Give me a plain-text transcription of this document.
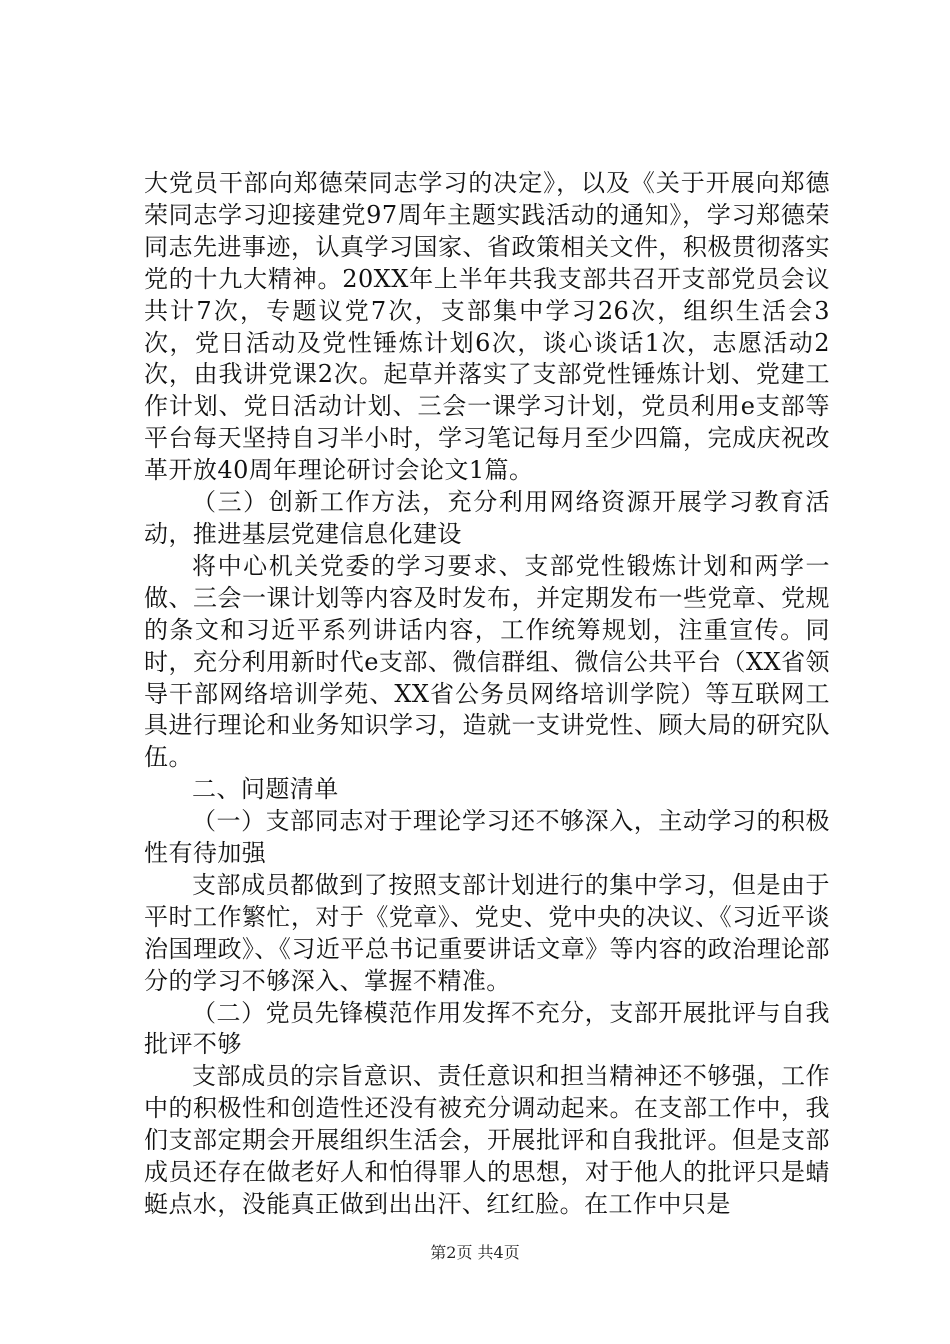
大党员干部向郑德荣同志学习的决定》，以及《关于开展向郑德荣同志学习迎接建党97周年主题实践活动的通知》，学习郑德荣同志先进事迹，认真学习国家、省政策相关文件，积极贯彻落实党的十九大精神。20XX年上半年共我支部共召开支部党员会议共计7次，专题议党7次，支部集中学习26次，组织生活会3次，党日活动及党性锤炼计划6次，谈心谈话1次，志愿活动2次，由我讲党课2次。起草并落实了支部党性锤炼计划、党建工作计划、党日活动计划、三会一课学习计划，党员利用e支部等平台每天坚持自习半小时，学习笔记每月至少四篇，完成庆祝改革开放40周年理论研讨会论文1篇。

（三）创新工作方法，充分利用网络资源开展学习教育活动，推进基层党建信息化建设

将中心机关党委的学习要求、支部党性锻炼计划和两学一做、三会一课计划等内容及时发布，并定期发布一些党章、党规的条文和习近平系列讲话内容，工作统筹规划，注重宣传。同时，充分利用新时代e支部、微信群组、微信公共平台（XX省领导干部网络培训学苑、XX省公务员网络培训学院）等互联网工具进行理论和业务知识学习，造就一支讲党性、顾大局的研究队伍。

二、问题清单

（一）支部同志对于理论学习还不够深入，主动学习的积极性有待加强

支部成员都做到了按照支部计划进行的集中学习，但是由于平时工作繁忙，对于《党章》、党史、党中央的决议、《习近平谈治国理政》、《习近平总书记重要讲话文章》等内容的政治理论部分的学习不够深入、掌握不精准。

（二）党员先锋模范作用发挥不充分，支部开展批评与自我批评不够

支部成员的宗旨意识、责任意识和担当精神还不够强，工作中的积极性和创造性还没有被充分调动起来。在支部工作中，我们支部定期会开展组织生活会，开展批评和自我批评。但是支部成员还存在做老好人和怕得罪人的思想，对于他人的批评只是蜻蜓点水，没能真正做到出出汗、红红脸。在工作中只是

第2页 共4页
